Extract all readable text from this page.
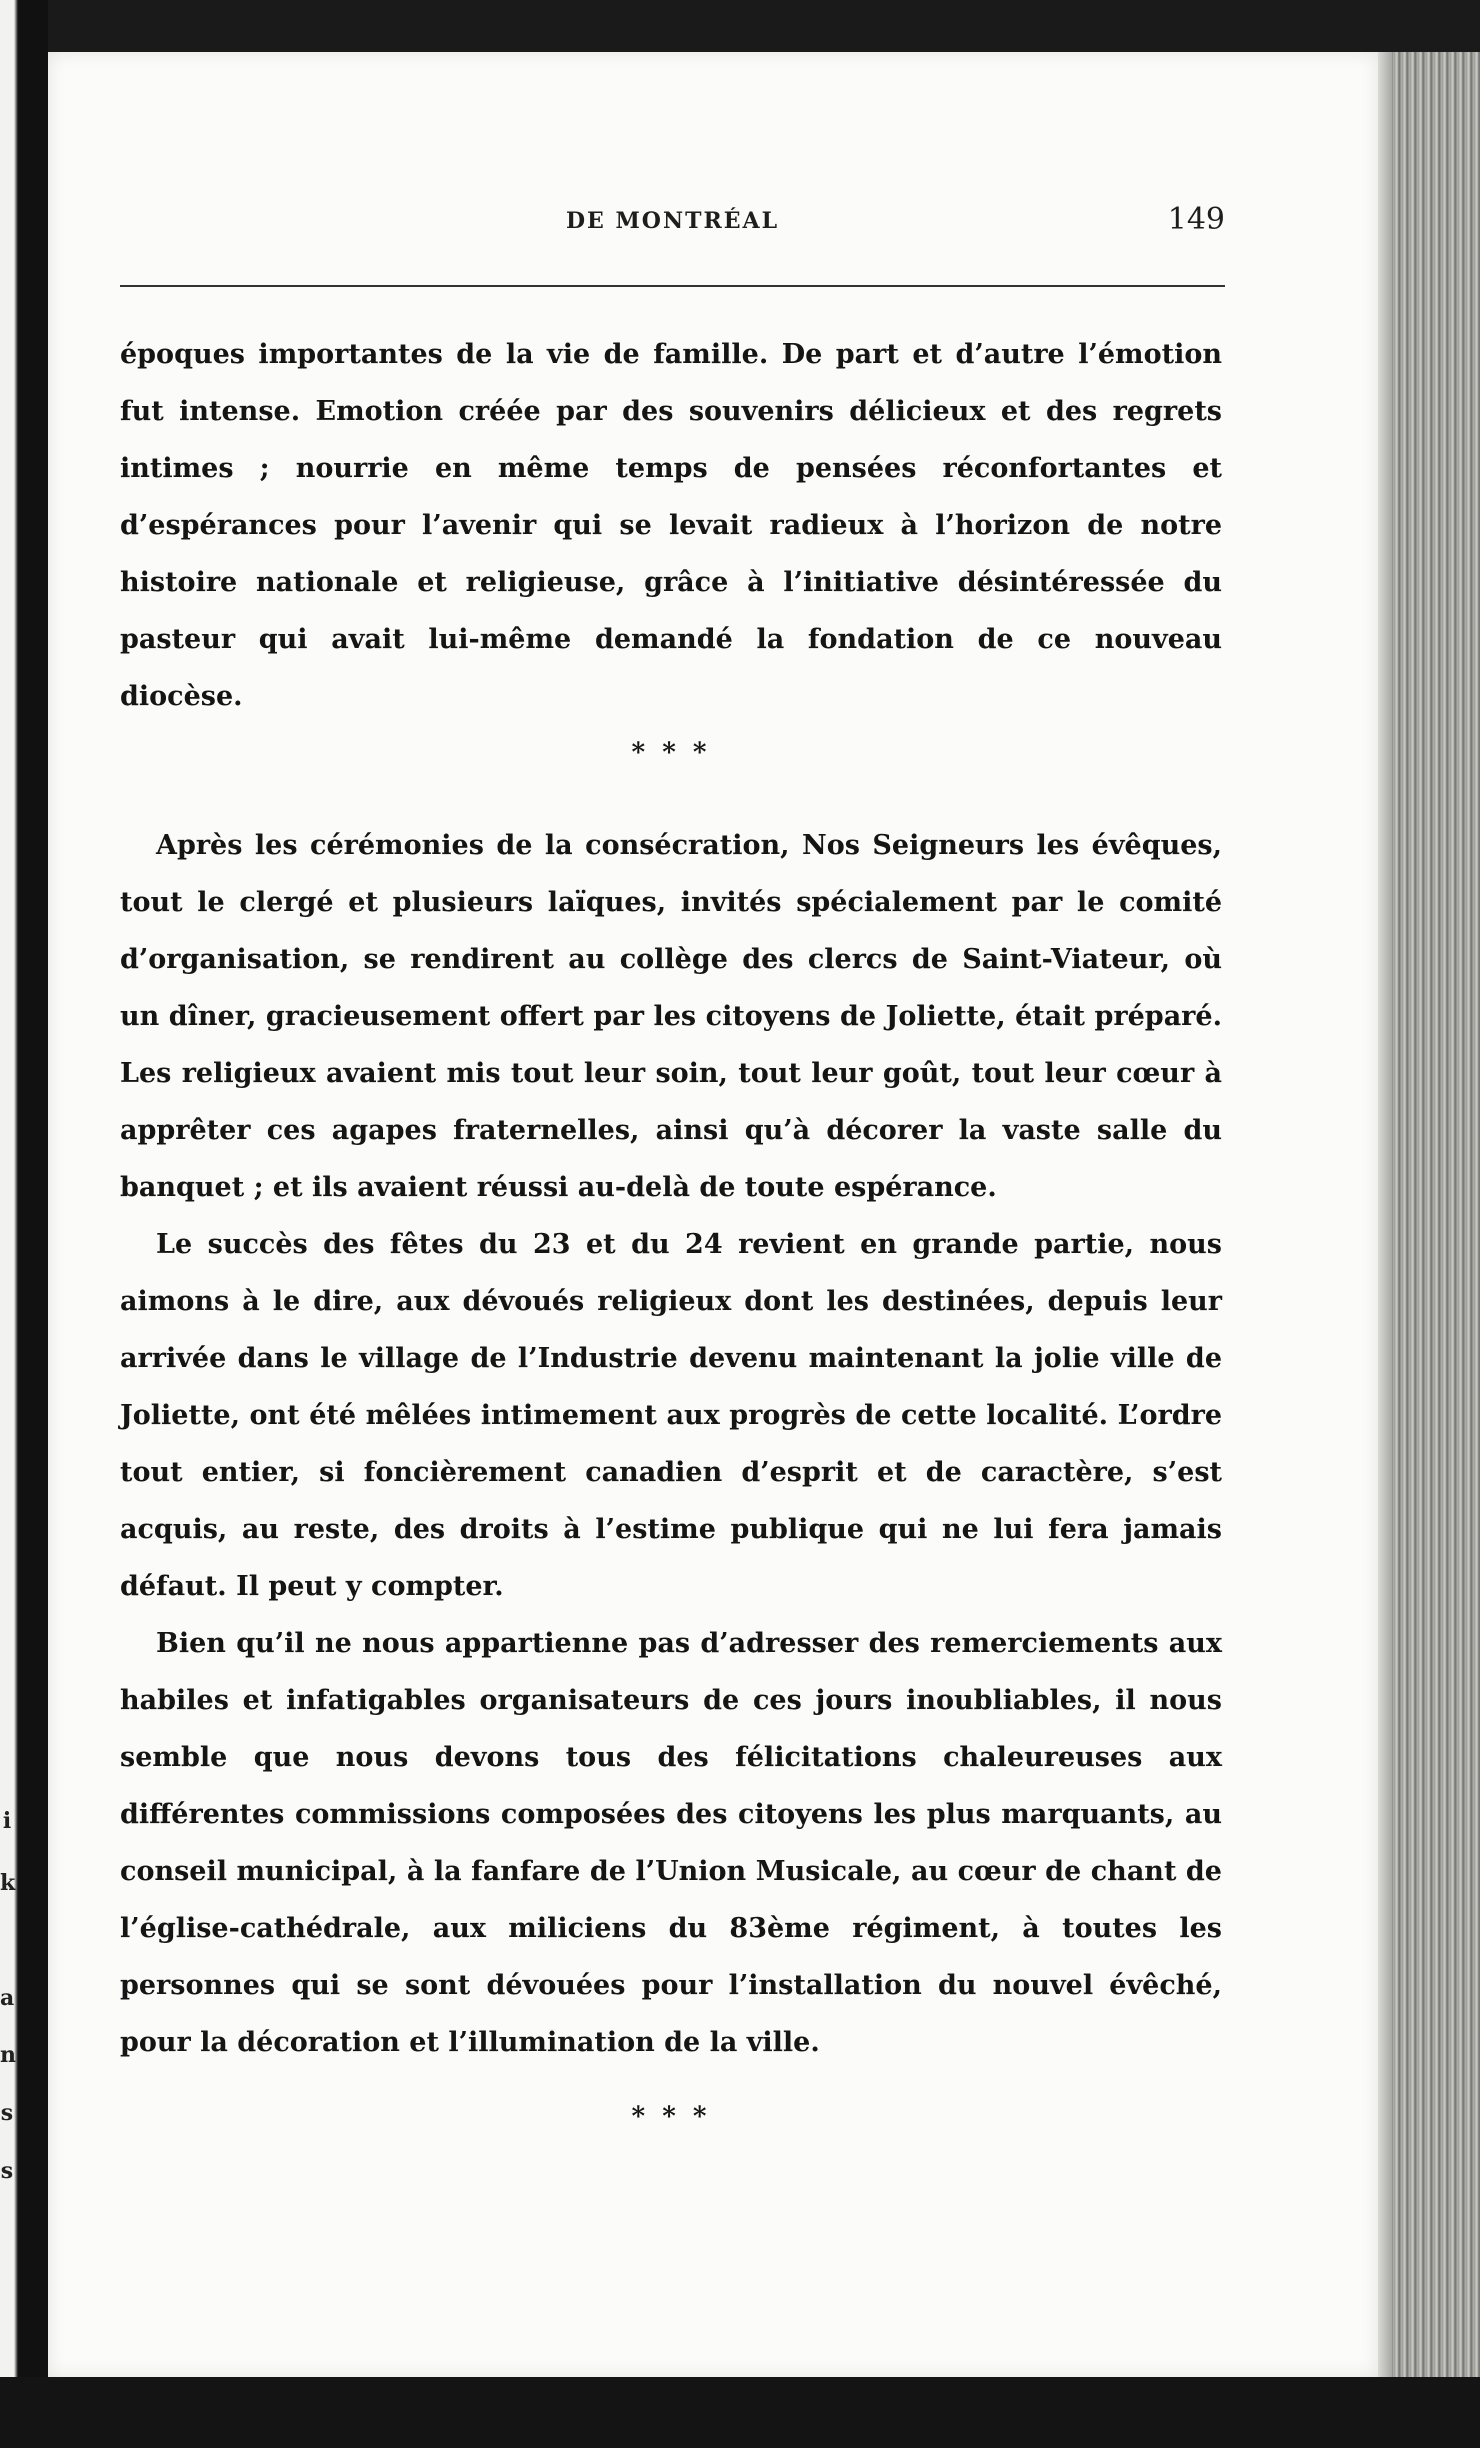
i
k
a
n
s
s
DE MONTRÉAL	149

époques importantes de la vie de famille. De part et d’autre l’émotion fut intense. Emotion créée par des souvenirs délicieux et des regrets intimes ; nourrie en même temps de pensées réconfortantes et d’espérances pour l’avenir qui se levait radieux à l’horizon de notre histoire nationale et religieuse, grâce à l’initiative désintéressée du pasteur qui avait lui-même demandé la fondation de ce nouveau diocèse.

* * *

Après les cérémonies de la consécration, Nos Seigneurs les évêques, tout le clergé et plusieurs laïques, invités spécialement par le comité d’organisation, se rendirent au collège des clercs de Saint-Viateur, où un dîner, gracieusement offert par les citoyens de Joliette, était préparé. Les religieux avaient mis tout leur soin, tout leur goût, tout leur cœur à apprêter ces agapes fraternelles, ainsi qu’à décorer la vaste salle du banquet ; et ils avaient réussi au-delà de toute espérance.

Le succès des fêtes du 23 et du 24 revient en grande partie, nous aimons à le dire, aux dévoués religieux dont les destinées, depuis leur arrivée dans le village de l’Industrie devenu maintenant la jolie ville de Joliette, ont été mêlées intimement aux progrès de cette localité. L’ordre tout entier, si foncièrement canadien d’esprit et de caractère, s’est acquis, au reste, des droits à l’estime publique qui ne lui fera jamais défaut. Il peut y compter.

Bien qu’il ne nous appartienne pas d’adresser des remerciements aux habiles et infatigables organisateurs de ces jours inoubliables, il nous semble que nous devons tous des félicitations chaleureuses aux différentes commissions composées des citoyens les plus marquants, au conseil municipal, à la fanfare de l’Union Musicale, au cœur de chant de l’église-cathédrale, aux miliciens du 83ème régiment, à toutes les personnes qui se sont dévouées pour l’installation du nouvel évêché, pour la décoration et l’illumination de la ville.

* * *
